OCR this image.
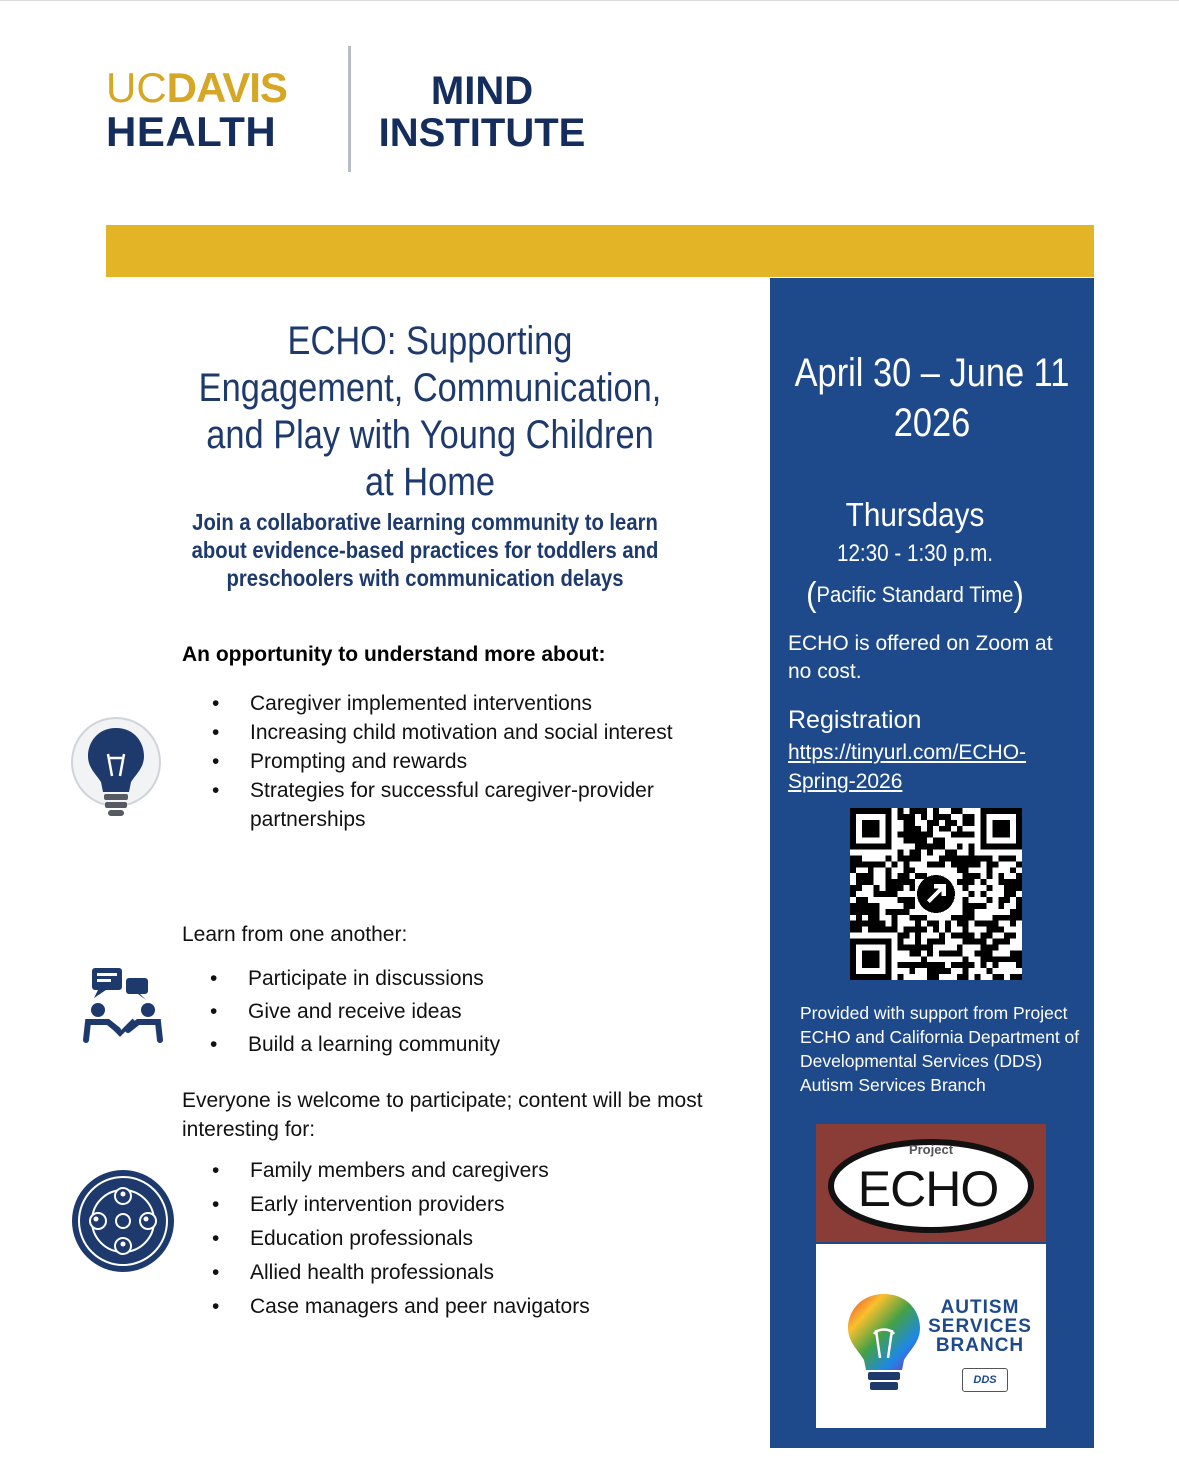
UCDAVIS
HEALTH
MIND
INSTITUTE
ECHO: Supporting Engagement, Communication, and Play with Young Children at Home
Join a collaborative learning community to learn about evidence-based practices for toddlers and preschoolers with communication delays
An opportunity to understand more about:
• Caregiver implemented interventions
• Increasing child motivation and social interest
• Prompting and rewards
• Strategies for successful caregiver-provider partnerships
Learn from one another:
• Participate in discussions
• Give and receive ideas
• Build a learning community
Everyone is welcome to participate; content will be most interesting for:
• Family members and caregivers
• Early intervention providers
• Education professionals
• Allied health professionals
• Case managers and peer navigators
April 30 – June 11
2026
Thursdays
12:30 - 1:30 p.m.
(Pacific Standard Time)
ECHO is offered on Zoom at no cost.
Registration
https://tinyurl.com/ECHO-Spring-2026
Provided with support from Project ECHO and California Department of Developmental Services (DDS) Autism Services Branch
Project
ECHO
AUTISM SERVICES BRANCH
DDS
